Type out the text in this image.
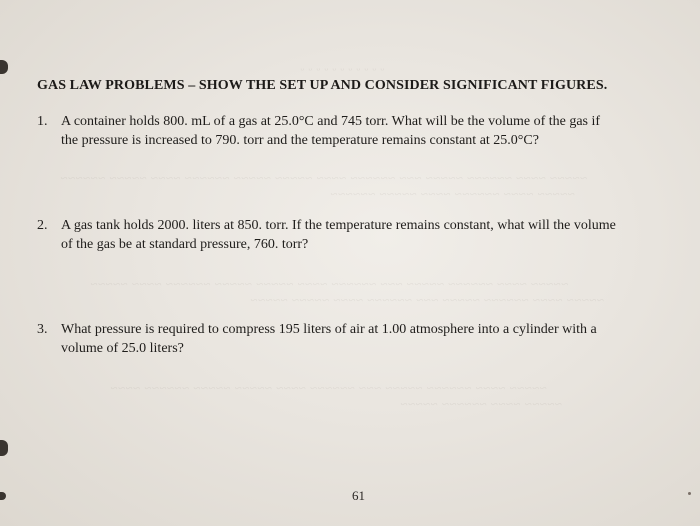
ᵕ ᵕ ᵕ ᵕ ᵕ ᵕ ᵕ ᵕ ᵕ ᵕ ᵕ
~~~~~ ~~~~ ~~~~~~ ~~~~~ ~~~ ~~~~~~ ~~~~ ~~~~~ ~~~~~ ~~~~~~ ~~~~ ~~~~~ ~~~~~~
~~~~~ ~~~~ ~~~~~~ ~~~~ ~~~~~ ~~~~~~
~~~~~ ~~~~ ~~~~~~ ~~~~~ ~~~ ~~~~~~ ~~~~ ~~~~~ ~~~~~ ~~~~~~ ~~~~ ~~~~~
~~~~~ ~~~~ ~~~~~~ ~~~~~ ~~~ ~~~~~~ ~~~~ ~~~~~ ~~~~~
~~~~~ ~~~~ ~~~~~~ ~~~~~ ~~~ ~~~~~~ ~~~~ ~~~~~ ~~~~~ ~~~~~~ ~~~~
~~~~~ ~~~~ ~~~~~~ ~~~~~
GAS LAW PROBLEMS – SHOW THE SET UP AND CONSIDER SIGNIFICANT FIGURES.
1. A container holds 800. mL of a gas at 25.0°C and 745 torr. What will be the volume of the gas if
the pressure is increased to 790. torr and the temperature remains constant at 25.0°C?
2. A gas tank holds 2000. liters at 850. torr. If the temperature remains constant, what will the volume
of the gas be at standard pressure, 760. torr?
3. What pressure is required to compress 195 liters of air at 1.00 atmosphere into a cylinder with a
volume of 25.0 liters?
61
